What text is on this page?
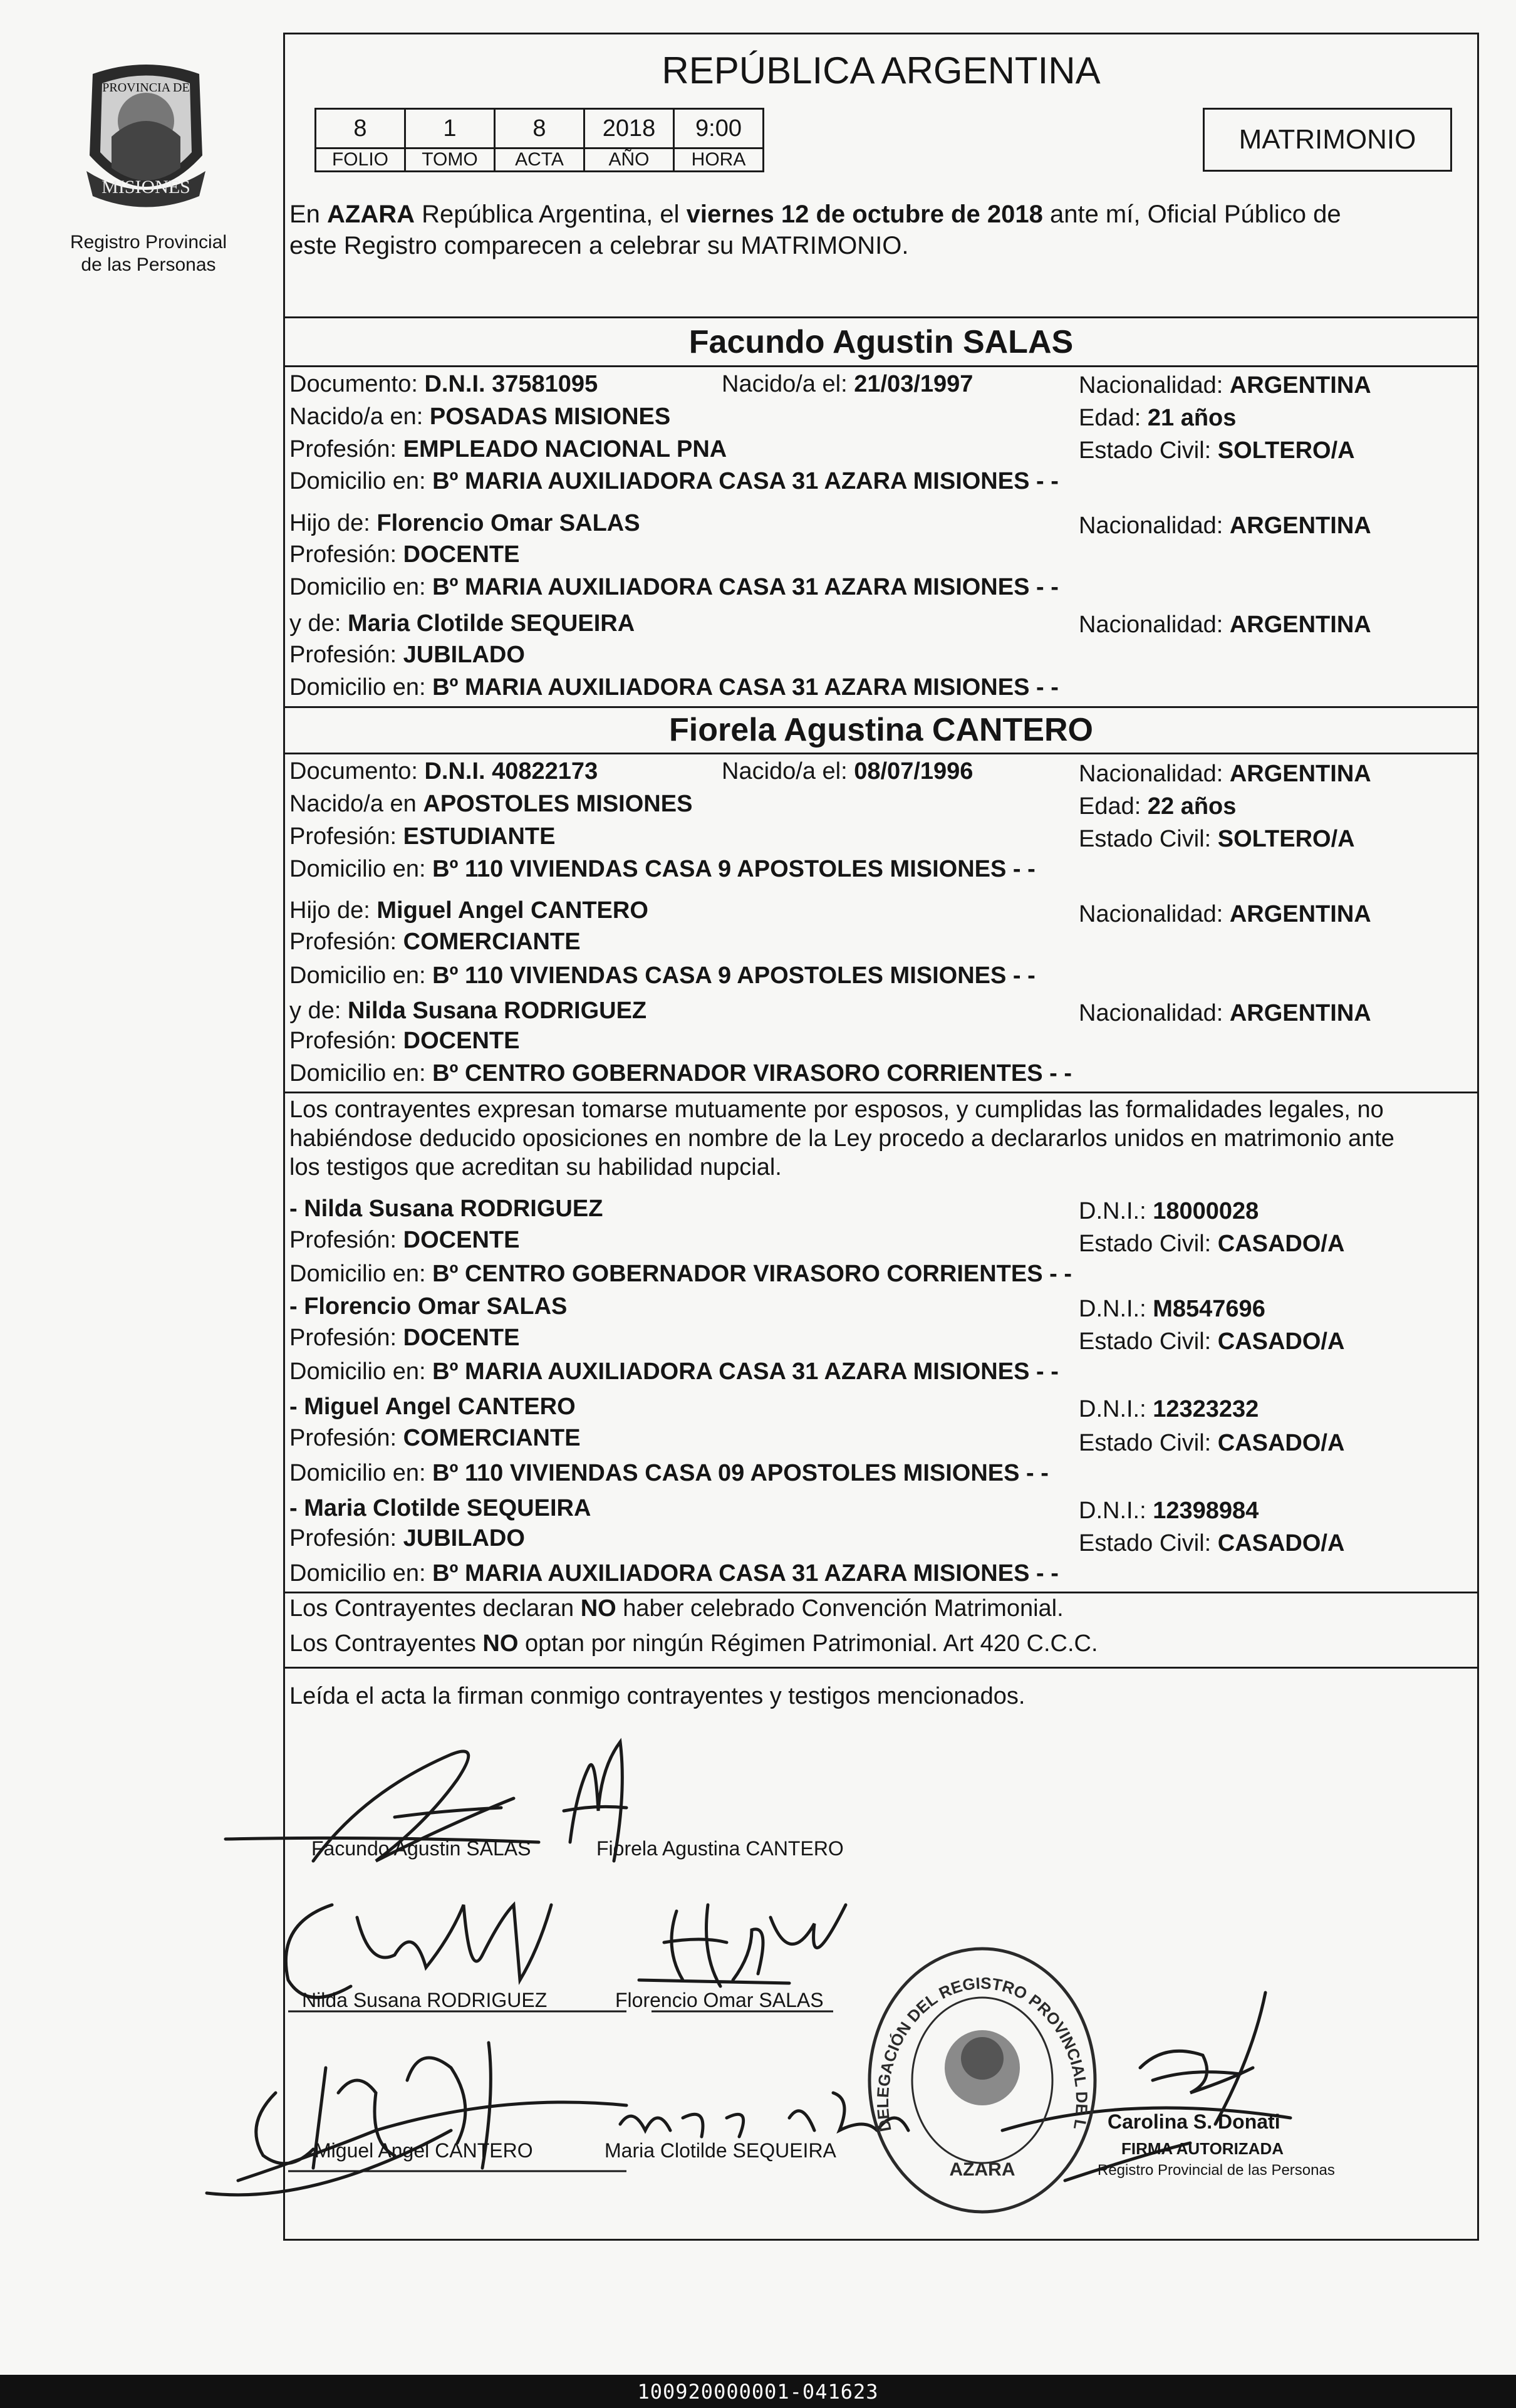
MISIONES
PROVINCIA DE
Registro Provincial
de las Personas
REPÚBLICA ARGENTINA
8	1	8	2018	9:00
FOLIO	TOMO	ACTA	AÑO	HORA
MATRIMONIO
En AZARA República Argentina, el viernes 12 de octubre de 2018 ante mí, Oficial Público de
este Registro comparecen a celebrar su MATRIMONIO.
Facundo Agustin SALAS
Documento: D.N.I. 37581095	Nacido/a el: 21/03/1997	Nacionalidad: ARGENTINA
Nacido/a en: POSADAS MISIONES	Edad: 21 años
Profesión: EMPLEADO NACIONAL PNA	Estado Civil: SOLTERO/A
Domicilio en: Bº MARIA AUXILIADORA CASA 31 AZARA MISIONES - -
Hijo de: Florencio Omar SALAS	Nacionalidad: ARGENTINA
Profesión: DOCENTE
Domicilio en: Bº MARIA AUXILIADORA CASA 31 AZARA MISIONES - -
y de: Maria Clotilde SEQUEIRA	Nacionalidad: ARGENTINA
Profesión: JUBILADO
Domicilio en: Bº MARIA AUXILIADORA CASA 31 AZARA MISIONES - -
Fiorela Agustina CANTERO
Documento: D.N.I. 40822173	Nacido/a el: 08/07/1996	Nacionalidad: ARGENTINA
Nacido/a en APOSTOLES MISIONES	Edad: 22 años
Profesión: ESTUDIANTE	Estado Civil: SOLTERO/A
Domicilio en: Bº 110 VIVIENDAS CASA 9 APOSTOLES MISIONES - -
Hijo de: Miguel Angel CANTERO	Nacionalidad: ARGENTINA
Profesión: COMERCIANTE
Domicilio en: Bº 110 VIVIENDAS CASA 9 APOSTOLES MISIONES - -
y de: Nilda Susana RODRIGUEZ	Nacionalidad: ARGENTINA
Profesión: DOCENTE
Domicilio en: Bº CENTRO GOBERNADOR VIRASORO CORRIENTES - -
Los contrayentes expresan tomarse mutuamente por esposos, y cumplidas las formalidades legales, no
habiéndose deducido oposiciones en nombre de la Ley procedo a declararlos unidos en matrimonio ante
los testigos que acreditan su habilidad nupcial.
- Nilda Susana RODRIGUEZ	D.N.I.: 18000028
Profesión: DOCENTE	Estado Civil: CASADO/A
Domicilio en: Bº CENTRO GOBERNADOR VIRASORO CORRIENTES - -
- Florencio Omar SALAS	D.N.I.: M8547696
Profesión: DOCENTE	Estado Civil: CASADO/A
Domicilio en: Bº MARIA AUXILIADORA CASA 31 AZARA MISIONES - -
- Miguel Angel CANTERO	D.N.I.: 12323232
Profesión: COMERCIANTE	Estado Civil: CASADO/A
Domicilio en: Bº 110 VIVIENDAS CASA 09 APOSTOLES MISIONES - -
- Maria Clotilde SEQUEIRA	D.N.I.: 12398984
Profesión: JUBILADO	Estado Civil: CASADO/A
Domicilio en: Bº MARIA AUXILIADORA CASA 31 AZARA MISIONES - -
Los Contrayentes declaran NO haber celebrado Convención Matrimonial.
Los Contrayentes NO optan por ningún Régimen Patrimonial. Art 420 C.C.C.
Leída el acta la firman conmigo contrayentes y testigos mencionados.
Facundo Agustin SALAS	Fiorela Agustina CANTERO
Nilda Susana RODRIGUEZ	Florencio Omar SALAS
Miguel Angel CANTERO	Maria Clotilde SEQUEIRA
DELEGACIÓN DEL REGISTRO PROVINCIAL DE L
AZARA
Carolina S. Donati
FIRMA AUTORIZADA
Registro Provincial de las Personas
100920000001-041623
